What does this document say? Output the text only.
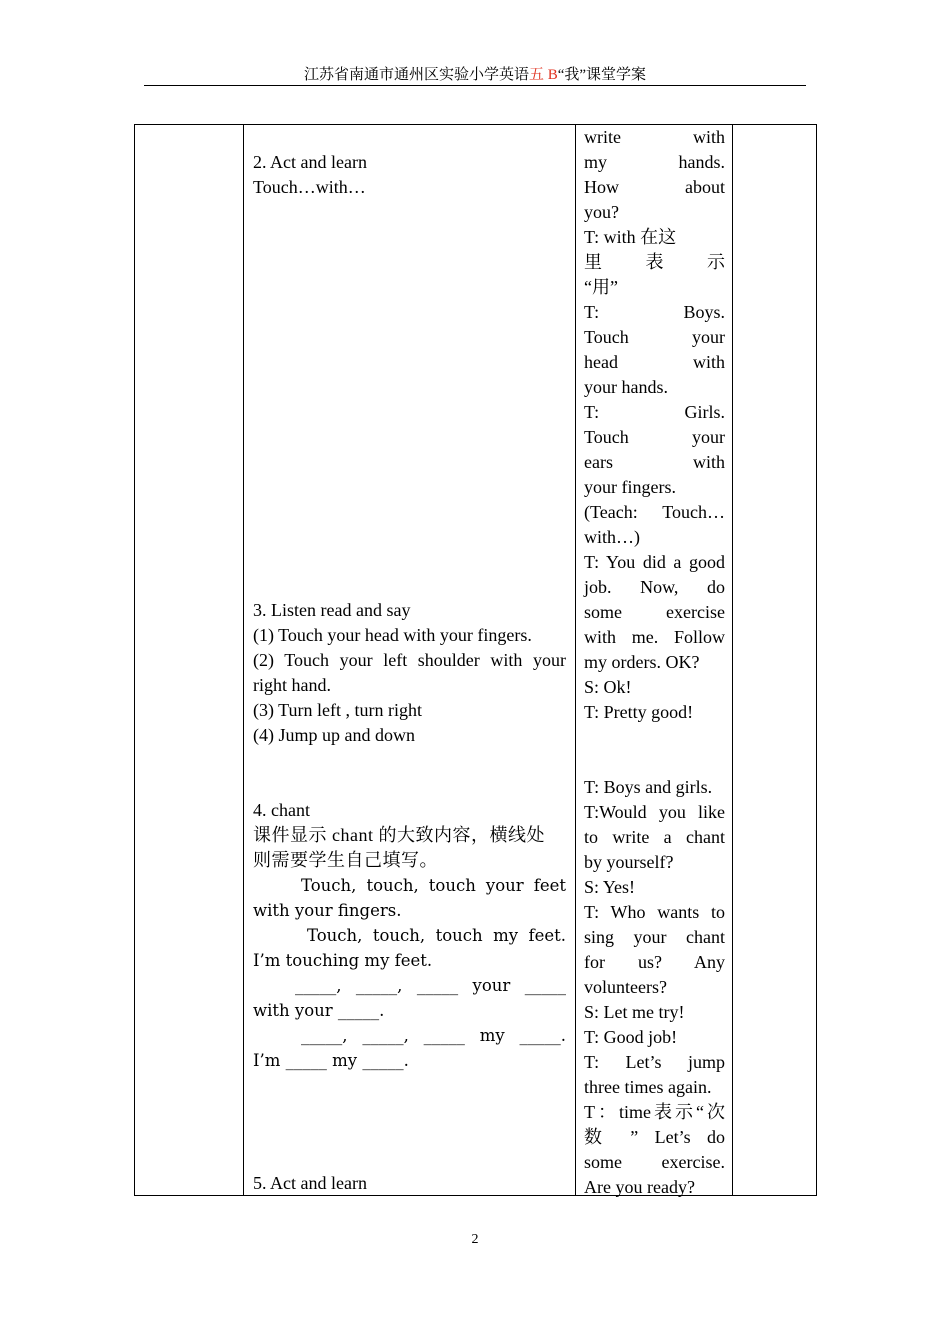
江苏省南通市通州区实验小学英语五 B“我”课堂学案
2. Act and learn
Touch…with…
3. Listen read and say
(1) Touch your head with your fingers.
(2) Touch your left shoulder with your
right hand.
(3) Turn left , turn right
(4) Jump up and down
4. chant
课件显示 chant 的大致内容，横线处
则需要学生自己填写。
Touch, touch, touch your feet
with your fingers.
Touch, touch, touch my feet.
I’m touching my feet.
_____, _____, _____ your _____
with your _____.
_____, _____, _____ my _____.
I’m _____ my _____.
5. Act and learn
write with
my hands.
How about
you?
T: with 在这
里 表 示
“用”
T: Boys.
Touch your
head with
your hands.
T: Girls.
Touch your
ears with
your fingers.
(Teach: Touch…
with…)
T: You did a good
job. Now, do
some exercise
with me. Follow
my orders. OK?
S: Ok!
T: Pretty good!
T: Boys and girls.
T:Would you like
to write a chant
by yourself?
S: Yes!
T: Who wants to
sing your chant
for us? Any
volunteers?
S: Let me try!
T: Good job!
T: Let’s jump
three times again.
T：time表示“次
数 ” Let’s do
some exercise.
Are you ready?
2
